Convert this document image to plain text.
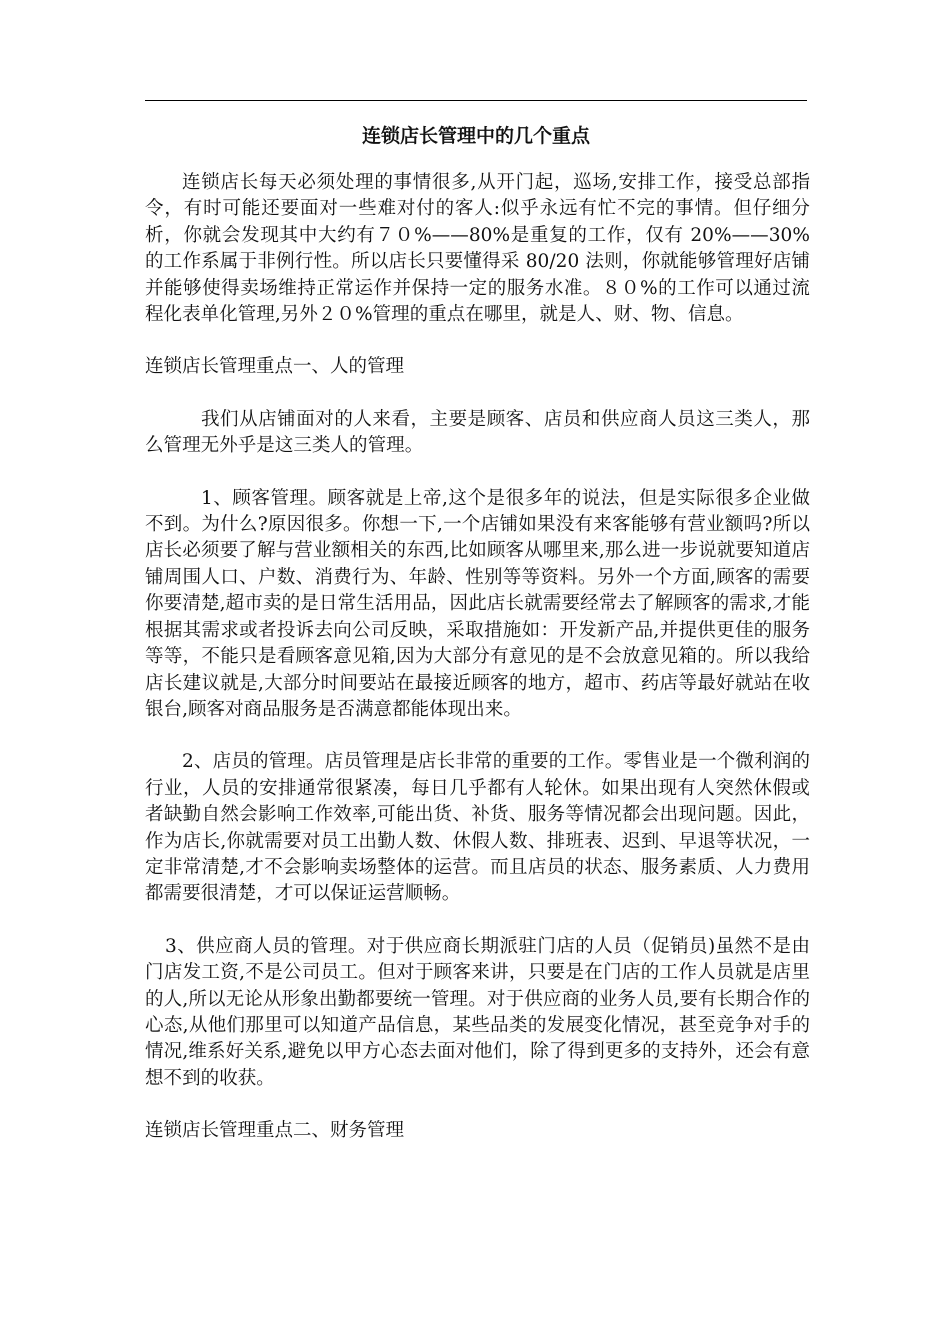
连锁店长管理中的几个重点

连锁店长每天必须处理的事情很多,从开门起，巡场,安排工作，接受总部指令，有时可能还要面对一些难对付的客人:似乎永远有忙不完的事情。但仔细分析，你就会发现其中大约有７０%——80%是重复的工作，仅有 20%——30%的工作系属于非例行性。所以店长只要懂得采 80/20 法则，你就能够管理好店铺并能够使得卖场维持正常运作并保持一定的服务水准。８０%的工作可以通过流程化表单化管理,另外２０%管理的重点在哪里，就是人、财、物、信息。

连锁店长管理重点一、人的管理

我们从店铺面对的人来看，主要是顾客、店员和供应商人员这三类人，那么管理无外乎是这三类人的管理。

1、顾客管理。顾客就是上帝,这个是很多年的说法，但是实际很多企业做不到。为什么?原因很多。你想一下,一个店铺如果没有来客能够有营业额吗?所以店长必须要了解与营业额相关的东西,比如顾客从哪里来,那么进一步说就要知道店铺周围人口、户数、消费行为、年龄、性别等等资料。另外一个方面,顾客的需要你要清楚,超市卖的是日常生活用品，因此店长就需要经常去了解顾客的需求,才能根据其需求或者投诉去向公司反映，采取措施如：开发新产品,并提供更佳的服务等等，不能只是看顾客意见箱,因为大部分有意见的是不会放意见箱的。所以我给店长建议就是,大部分时间要站在最接近顾客的地方，超市、药店等最好就站在收银台,顾客对商品服务是否满意都能体现出来。

2、店员的管理。店员管理是店长非常的重要的工作。零售业是一个微利润的行业，人员的安排通常很紧凑，每日几乎都有人轮休。如果出现有人突然休假或者缺勤自然会影响工作效率,可能出货、补货、服务等情况都会出现问题。因此，作为店长,你就需要对员工出勤人数、休假人数、排班表、迟到、早退等状况，一定非常清楚,才不会影响卖场整体的运营。而且店员的状态、服务素质、人力费用都需要很清楚，才可以保证运营顺畅。

3、供应商人员的管理。对于供应商长期派驻门店的人员（促销员)虽然不是由门店发工资,不是公司员工。但对于顾客来讲，只要是在门店的工作人员就是店里的人,所以无论从形象出勤都要统一管理。对于供应商的业务人员,要有长期合作的心态,从他们那里可以知道产品信息，某些品类的发展变化情况，甚至竞争对手的情况,维系好关系,避免以甲方心态去面对他们，除了得到更多的支持外，还会有意想不到的收获。

连锁店长管理重点二、财务管理
